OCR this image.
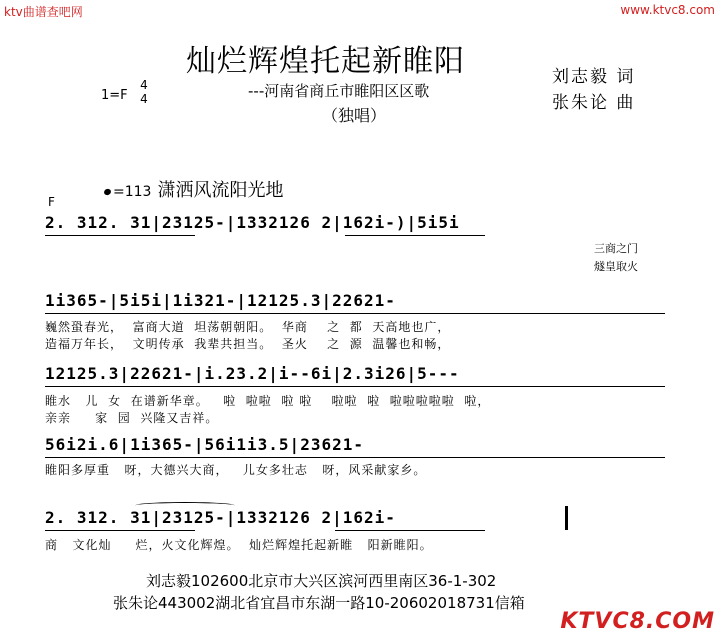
ktv曲谱查吧网	www.ktvc8.com
灿烂辉煌托起新睢阳
---河南省商丘市睢阳区区歌
（独唱）
刘志毅 词
张朱论 曲
1=F
4
4
=113 潇洒风流阳光地
F
2. 312. 31|23125-|1332126 2|162i-)|5i5i
三商之门
燧皇取火
1i365-|5i5i|1i321-|12125.3|22621-
巍然蛩春光，  富商大道  坦荡朝朝阳。  华商    之  都  天高地也广，
造福万年长，  文明传承  我辈共担当。  圣火    之  源  温馨也和畅，
12125.3|22621-|i.23.2|i--6i|2.3i26|5---
睢水   儿  女  在谱新华章。   啦  啦啦  啦 啦    啦啦  啦  啦啦啦啦啦  啦，
亲亲     家  园  兴隆又吉祥。
56i2i.6|1i365-|56i1i3.5|23621-
睢阳多厚重   呀，大德兴大商，   儿女多壮志   呀，风采献家乡。
2. 312. 31|23125-|1332126 2|162i-
商   文化灿     烂，火文化辉煌。  灿烂辉煌托起新睢   阳新睢阳。
刘志毅102600北京市大兴区滨河西里南区36-1-302
张朱论443002湖北省宜昌市东湖一路10-20602018731信箱
KTVC8.COM
